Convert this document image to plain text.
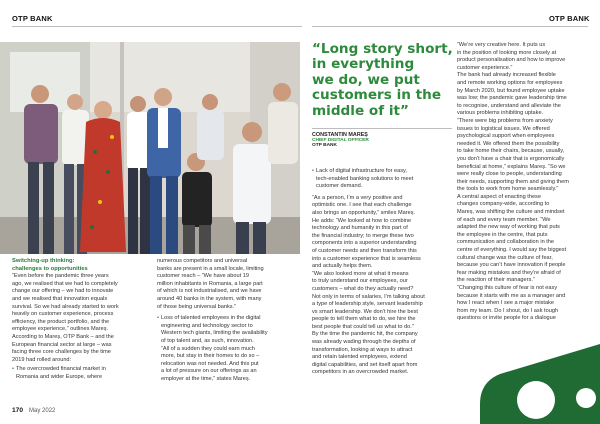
OTP BANK	OTP BANK

Switching-up thinking:

challenges to opportunities

“Even before the pandemic three years

ago, we realised that we had to completely

change our offering – we had to innovate

and we realised that innovation equals

survival. So we had already started to work

heavily on customer experience, process

efficiency, the product portfolio, and the

employee experience,” outlines Mareș.

According to Mareș, OTP Bank – and the

European financial sector at large – was

facing three core challenges by the time

2019 had rolled around:

• The overcrowded financial market in

Romania and wider Europe, where

numerous competitors and universal

banks are present in a small locale, limiting

customer reach – “We have about 19

million inhabitants in Romania, a large part

of which is not industrialised, and we have

around 40 banks in the system, with many

of those being universal banks.”

• Loss of talented employees in the digital

engineering and technology sector to

Western tech giants, limiting the availability

of top talent and, as such, innovation.

“All of a sudden they could earn much

more, but stay in their homes to do so –

relocation was not needed. And this put

a lot of pressure on our offerings as an

employer at the time,” states Mareș.

“Long story short,

in everything

we do, we put

customers in the

middle of it”

CONSTANTIN MAREȘ
CHIEF DIGITAL OFFICER
OTP BANK
• Lack of digital infrastructure for easy,

tech-enabled banking solutions to meet

customer demand.

“As a person, I’m a very positive and

optimistic one. I see that each challenge

also brings an opportunity,” smiles Mareș.

He adds: “We looked at how to combine

technology and humanity in this part of

the financial industry; to merge these two

components into a superior understanding

of customer needs and then transform this

into a customer experience that is seamless

and actually helps them.

“We also looked more at what it means

to truly understand our employees, our

customers – what do they actually need?

Not only in terms of salaries, I’m talking about

a type of leadership style, servant leadership

vs smart leadership. We don’t hire the best

people to tell them what to do, we hire the

best people that could tell us what to do.”

By the time the pandemic hit, the company

was already wading through the depths of

transformation, looking at ways to attract

and retain talented employees, extend

digital capabilities, and set itself apart from

competitors in an overcrowded market.

“We’re very creative here. It puts us

in the position of looking more closely at

product personalisation and how to improve

customer experience.”

The bank had already increased flexible

and remote working options for employees

by March 2020, but found employee uptake

was low; the pandemic gave leadership time

to recognise, understand and alleviate the

various problems inhibiting uptake.

“There were big problems from anxiety

issues to logistical issues. We offered

psychological support when employees

needed it. We offered them the possibility

to take home their chairs, because, usually,

you don’t have a chair that is ergonomically

beneficial at home,” explains Mareș. “So we

were really close to people, understanding

their needs, supporting them and giving them

the tools to work from home seamlessly.”

A central aspect of enacting these

changes company-wide, according to

Mareș, was shifting the culture and mindset

of each and every team member. “We

adapted the new way of working that puts

the employee in the centre, that puts

communication and collaboration in the

centre of everything. I would say the biggest

cultural change was the culture of fear,

because you can’t have innovation if people

fear making mistakes and they’re afraid of

the reaction of their managers.”

“Changing this culture of fear is not easy

because it starts with me as a manager and

how I react when I see a major mistake

from my team. Do I shout, do I ask tough

questions or invite people for a dialogue

170 May 2022
